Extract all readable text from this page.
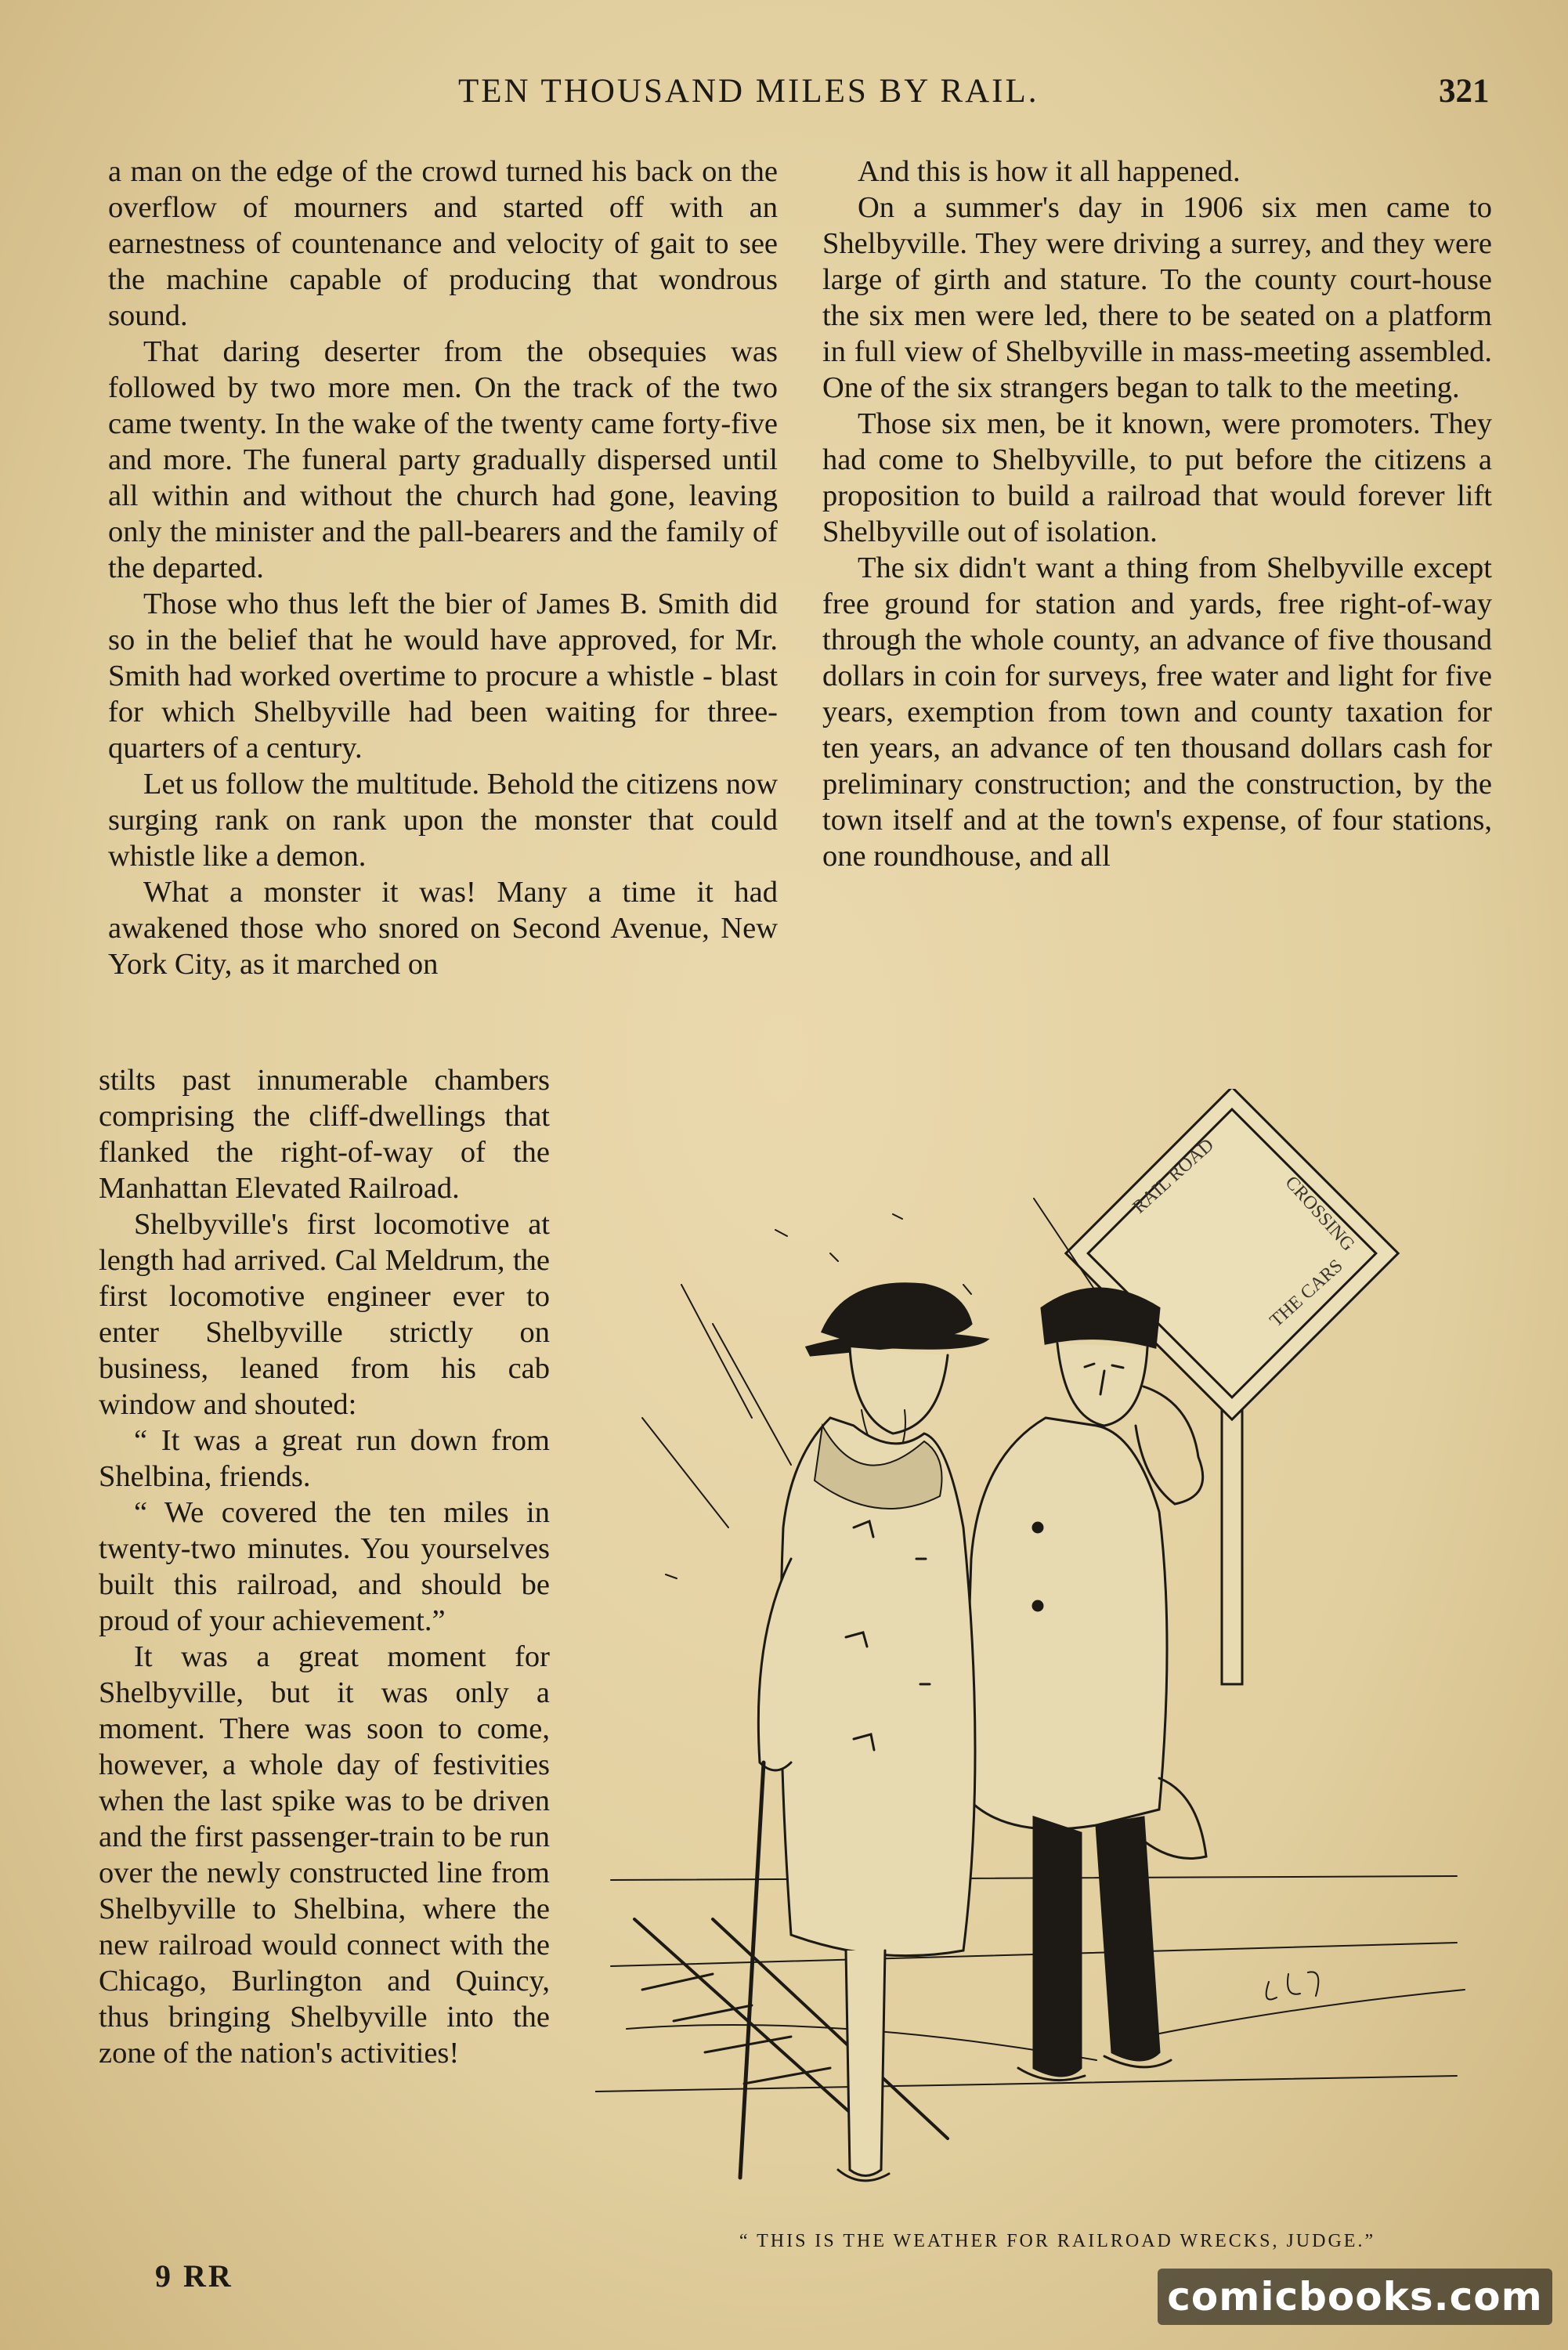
TEN THOUSAND MILES BY RAIL.	321

a man on the edge of the crowd turned his back on the overflow of mourners and started off with an earnestness of countenance and velocity of gait to see the machine capable of producing that wondrous sound.

That daring deserter from the obsequies was followed by two more men. On the track of the two came twenty. In the wake of the twenty came forty-five and more. The funeral party gradually dispersed until all within and without the church had gone, leaving only the minister and the pall-bearers and the family of the departed.

Those who thus left the bier of James B. Smith did so in the belief that he would have approved, for Mr. Smith had worked overtime to procure a whistle - blast for which Shelbyville had been waiting for three-quarters of a century.

Let us follow the multitude. Behold the citizens now surging rank on rank upon the monster that could whistle like a demon.

What a monster it was! Many a time it had awakened those who snored on Second Avenue, New York City, as it marched on

And this is how it all happened.

On a summer's day in 1906 six men came to Shelbyville. They were driving a surrey, and they were large of girth and stature. To the county court-house the six men were led, there to be seated on a platform in full view of Shelbyville in mass-meeting assembled. One of the six strangers began to talk to the meeting.

Those six men, be it known, were promoters. They had come to Shelbyville, to put before the citizens a proposition to build a railroad that would forever lift Shelbyville out of isolation.

The six didn't want a thing from Shelbyville except free ground for station and yards, free right-of-way through the whole county, an advance of five thousand dollars in coin for surveys, free water and light for five years, exemption from town and county taxation for ten years, an advance of ten thousand dollars cash for preliminary construction; and the construction, by the town itself and at the town's expense, of four stations, one roundhouse, and all

stilts past innumerable chambers comprising the cliff-dwellings that flanked the right-of-way of the Manhattan Elevated Railroad.

Shelbyville's first locomotive at length had arrived. Cal Meldrum, the first locomotive engineer ever to enter Shelbyville strictly on business, leaned from his cab window and shouted:

“ It was a great run down from Shelbina, friends.

“ We covered the ten miles in twenty-two minutes. You yourselves built this railroad, and should be proud of your achievement.”

It was a great moment for Shelbyville, but it was only a moment. There was soon to come, however, a whole day of festivities when the last spike was to be driven and the first passenger-train to be run over the newly constructed line from Shelbyville to Shelbina, where the new railroad would connect with the Chicago, Burlington and Quincy, thus bringing Shelbyville into the zone of the nation's activities!

RAIL ROAD	CROSSING
THE CARS
“ THIS IS THE WEATHER FOR RAILROAD WRECKS, JUDGE.”
9 RR	comicbooks.com
